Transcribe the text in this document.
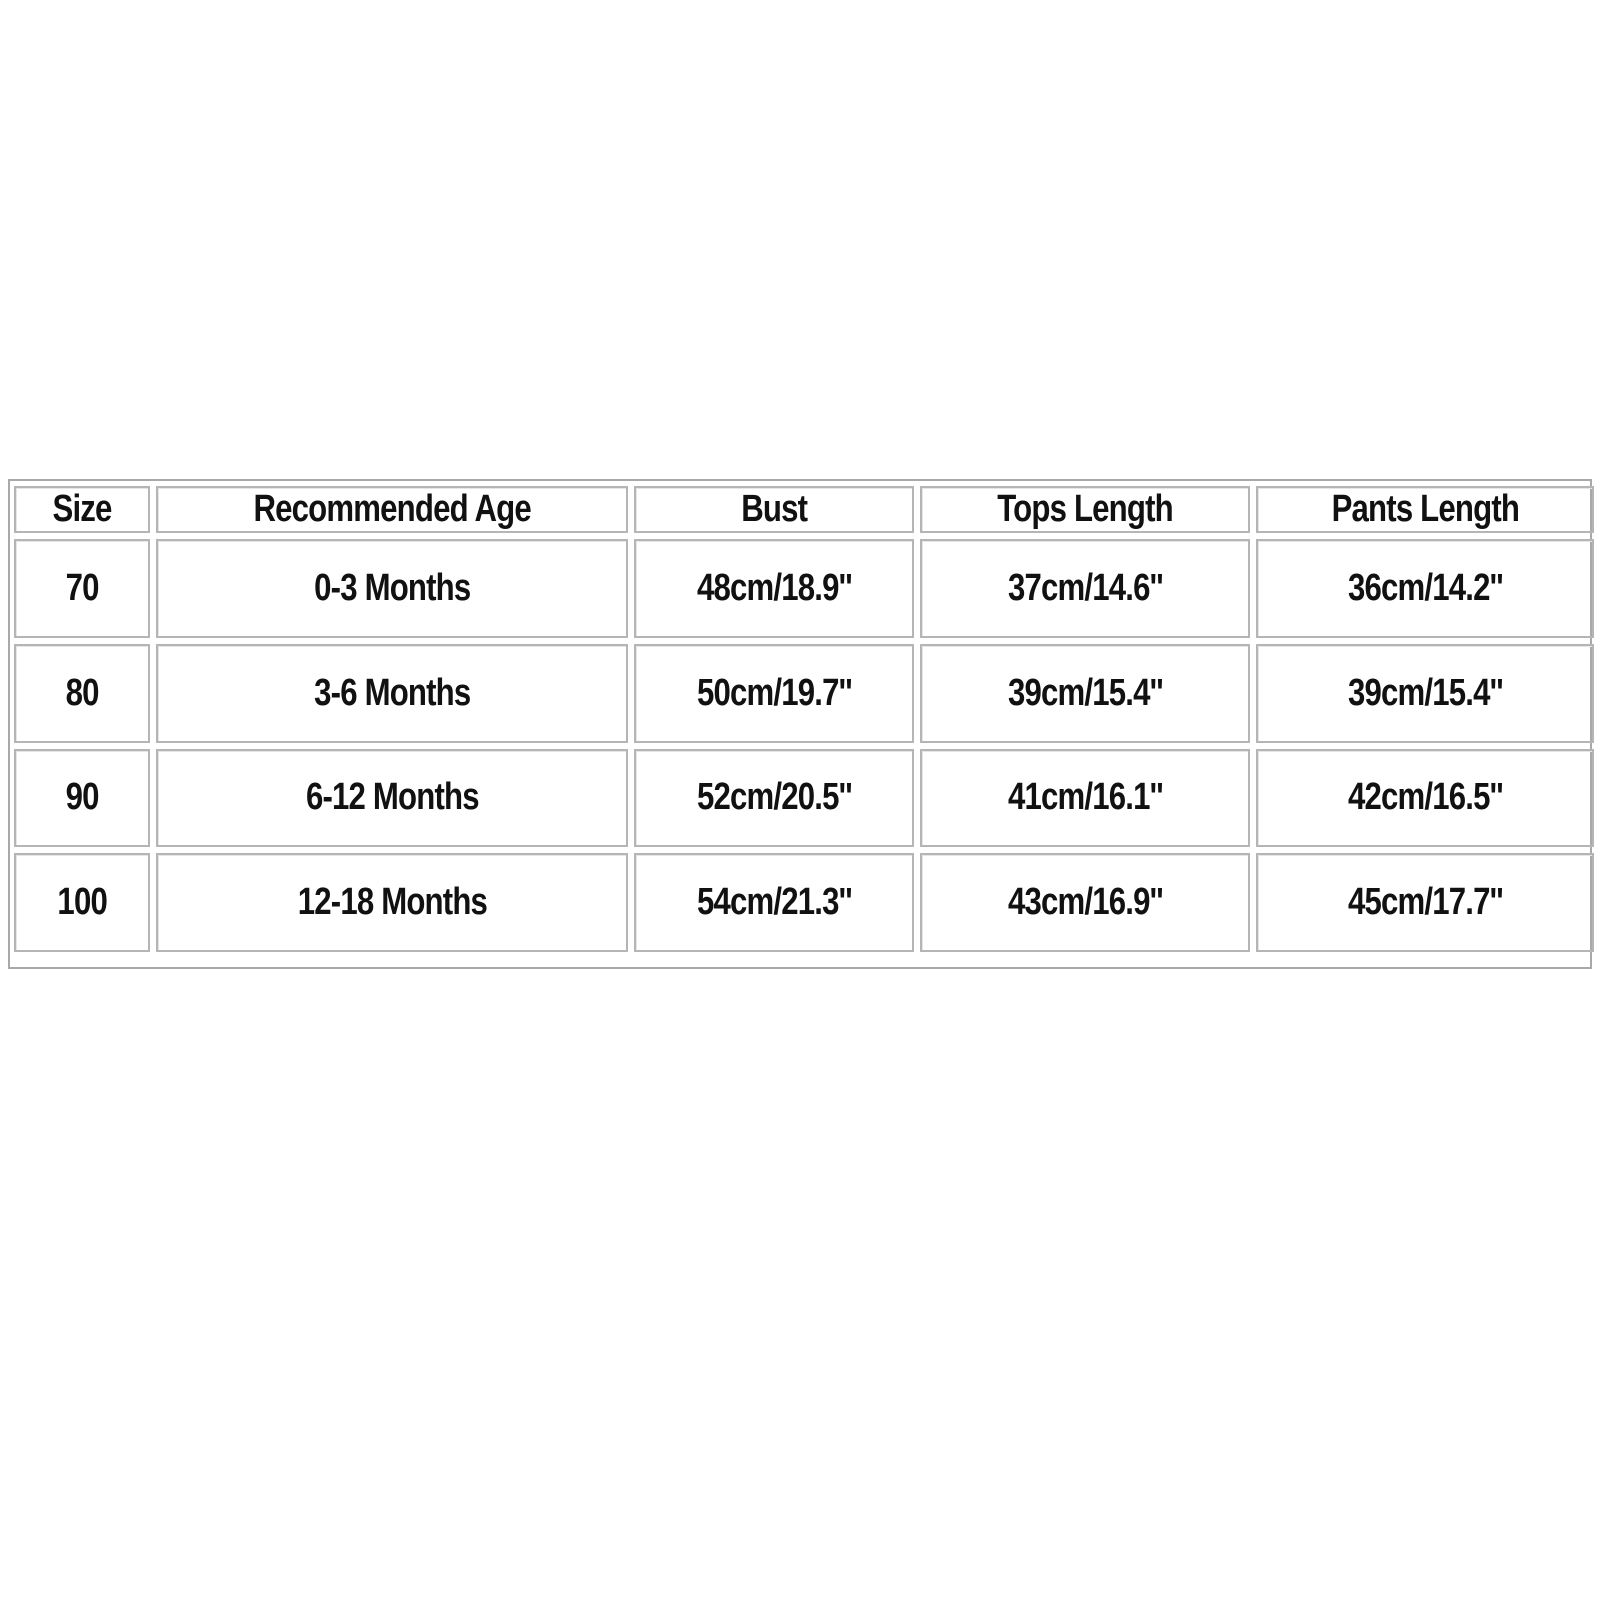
Size	Recommended Age	Bust	Tops Length	Pants Length
70	0-3 Months	48cm/18.9''	37cm/14.6''	36cm/14.2''
80	3-6 Months	50cm/19.7''	39cm/15.4''	39cm/15.4''
90	6-12 Months	52cm/20.5''	41cm/16.1''	42cm/16.5''
100	12-18 Months	54cm/21.3''	43cm/16.9''	45cm/17.7''
